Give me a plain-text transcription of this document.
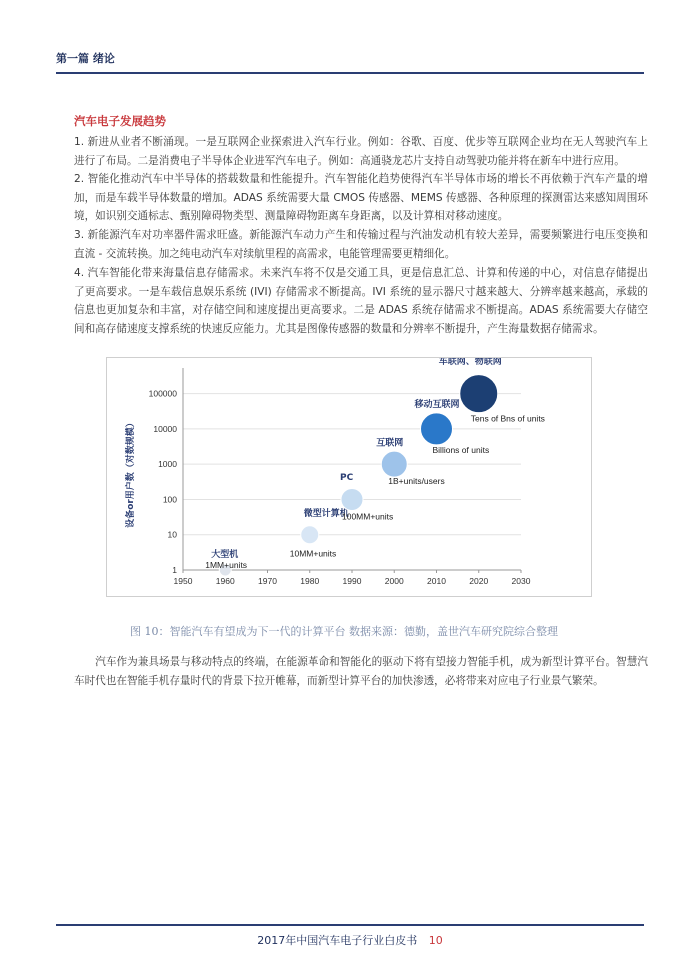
第一篇 绪论
汽车电子发展趋势

1. 新进从业者不断涌现。一是互联网企业探索进入汽车行业。例如：谷歌、百度、优步等互联网企业均在无人驾驶汽车上进行了布局。二是消费电子半导体企业进军汽车电子。例如：高通骁龙芯片支持自动驾驶功能并将在新车中进行应用。

2. 智能化推动汽车中半导体的搭载数量和性能提升。汽车智能化趋势使得汽车半导体市场的增长不再依赖于汽车产量的增加，而是车载半导体数量的增加。ADAS 系统需要大量 CMOS 传感器、MEMS 传感器、各种原理的探测雷达来感知周围环境，如识别交通标志、甄别障碍物类型、测量障碍物距离车身距离，以及计算相对移动速度。

3. 新能源汽车对功率器件需求旺盛。新能源汽车动力产生和传输过程与汽油发动机有较大差异，需要频繁进行电压变换和直流 - 交流转换。加之纯电动汽车对续航里程的高需求，电能管理需要更精细化。

4. 汽车智能化带来海量信息存储需求。未来汽车将不仅是交通工具，更是信息汇总、计算和传递的中心，对信息存储提出了更高要求。一是车载信息娱乐系统 (IVI) 存储需求不断提高。IVI 系统的显示器尺寸越来越大、分辨率越来越高，承载的信息也更加复杂和丰富，对存储空间和速度提出更高要求。二是 ADAS 系统存储需求不断提高。ADAS 系统需要大存储空间和高存储速度支撑系统的快速反应能力。尤其是图像传感器的数量和分辨率不断提升，产生海量数据存储需求。

1
10
100
1000
10000
100000
1950	1960	1970	1980	1990	2000	2010	2020	2030
设备or用户数（对数规模）
大型机
1MM+units
微型计算机
10MM+units
PC
100MM+units
互联网
1B+units/users
移动互联网
Billions of units
车联网、物联网
Tens of Bns of units
图 10：智能汽车有望成为下一代的计算平台 数据来源：德勤，盖世汽车研究院综合整理

汽车作为兼具场景与移动特点的终端，在能源革命和智能化的驱动下将有望接力智能手机，成为新型计算平台。智慧汽车时代也在智能手机存量时代的背景下拉开帷幕，而新型计算平台的加快渗透，必将带来对应电子行业景气繁荣。

2017年中国汽车电子行业白皮书 10
